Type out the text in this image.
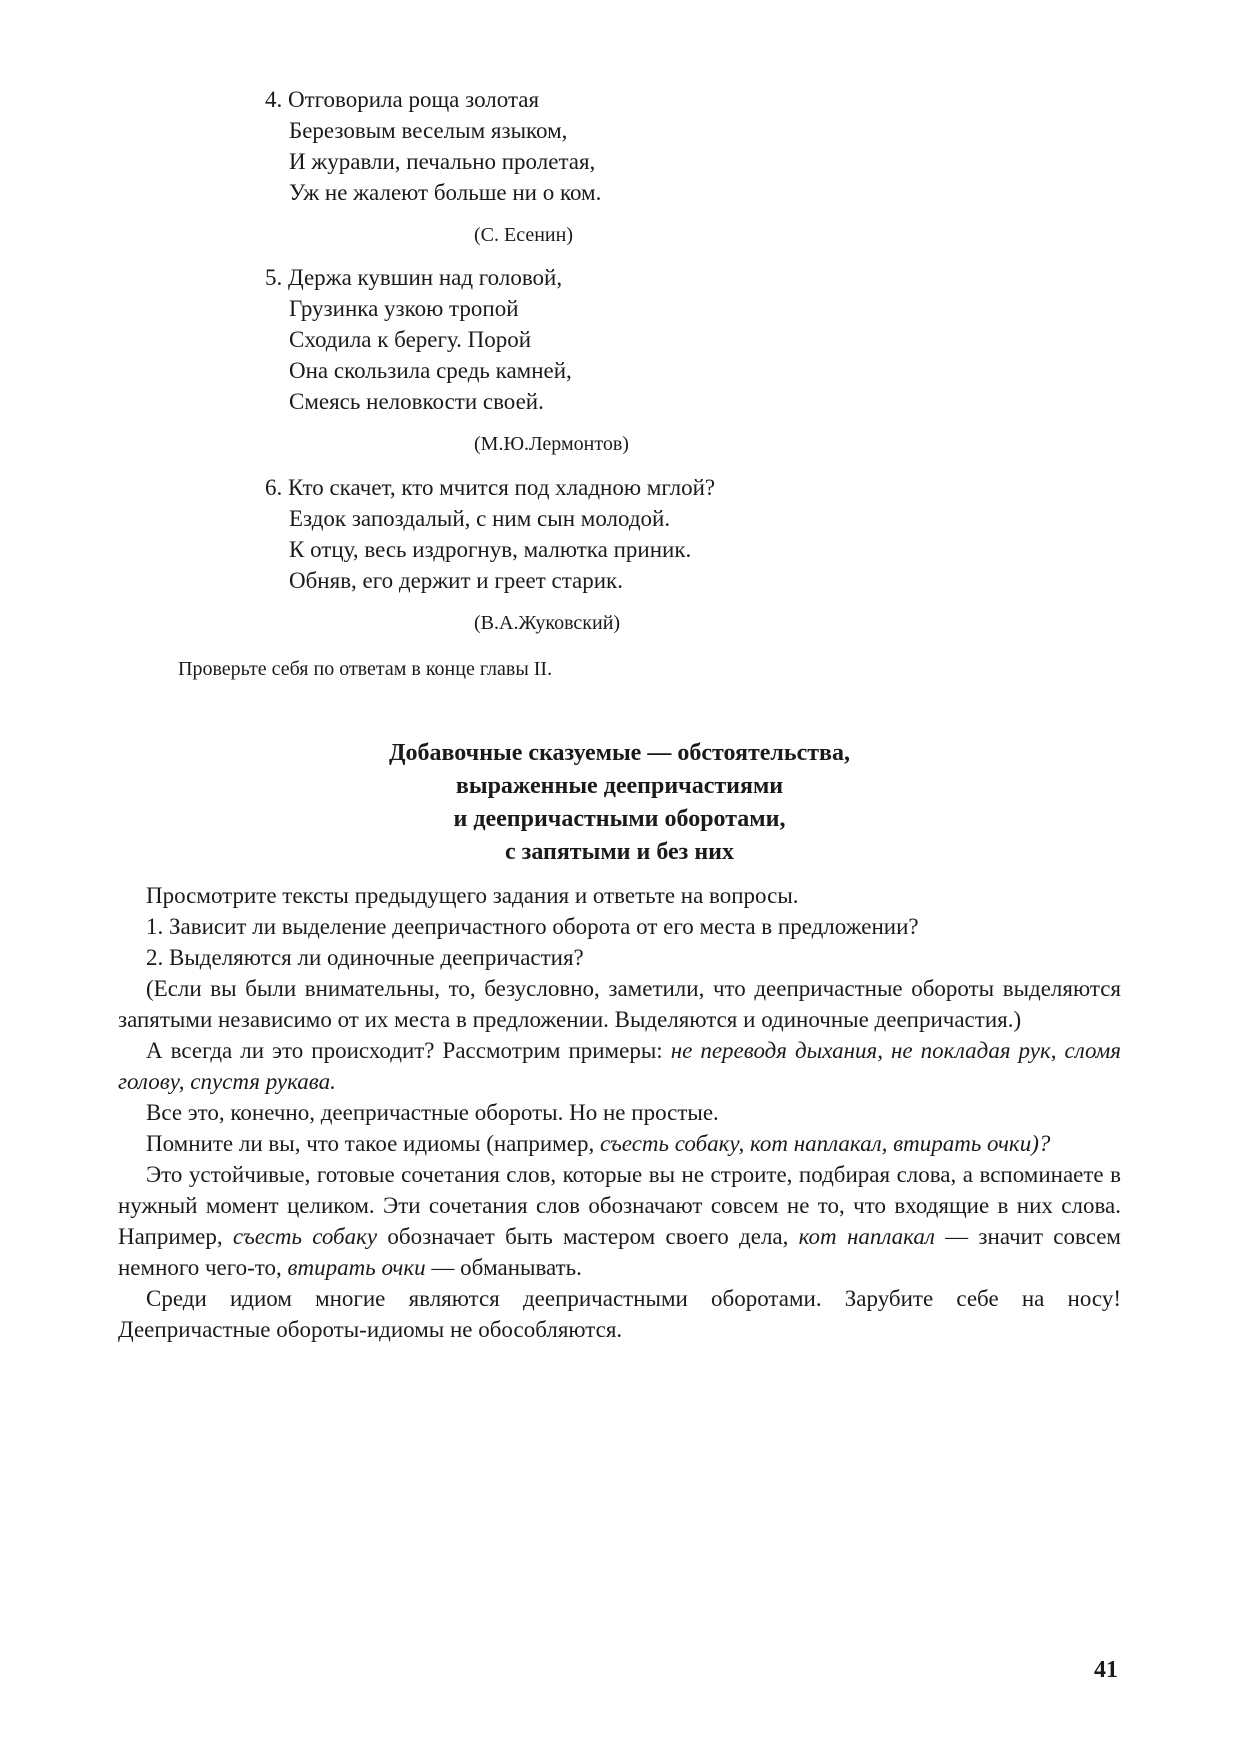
4. Отговорила роща золотая
Березовым веселым языком,
И журавли, печально пролетая,
Уж не жалеют больше ни о ком.
(С. Есенин)
5. Держа кувшин над головой,
Грузинка узкою тропой
Сходила к берегу. Порой
Она скользила средь камней,
Смеясь неловкости своей.
(М.Ю.Лермонтов)
6. Кто скачет, кто мчится под хладною мглой?
Ездок запоздалый, с ним сын молодой.
К отцу, весь издрогнув, малютка приник.
Обняв, его держит и греет старик.
(В.А.Жуковский)
Проверьте себя по ответам в конце главы II.
Добавочные сказуемые — обстоятельства,
выраженные деепричастиями
и деепричастными оборотами,
с запятыми и без них

Просмотрите тексты предыдущего задания и ответьте на вопросы.

1. Зависит ли выделение деепричастного оборота от его места в предложении?

2. Выделяются ли одиночные деепричастия?

(Если вы были внимательны, то, безусловно, заметили, что деепричастные обороты выделяются запятыми независимо от их места в предложении. Выделяются и одиночные деепричастия.)

А всегда ли это происходит? Рассмотрим примеры: не переводя дыхания, не покладая рук, сломя голову, спустя рукава.

Все это, конечно, деепричастные обороты. Но не простые.

Помните ли вы, что такое идиомы (например, съесть собаку, кот наплакал, втирать очки)?

Это устойчивые, готовые сочетания слов, которые вы не строите, подбирая слова, а вспоминаете в нужный момент целиком. Эти сочетания слов обозначают совсем не то, что входящие в них слова. Например, съесть собаку обозначает быть мастером своего дела, кот наплакал — значит совсем немного чего-то, втирать очки — обманывать.

Среди идиом многие являются деепричастными оборотами. Зарубите себе на носу! Деепричастные обороты-идиомы не обособляются.

41
